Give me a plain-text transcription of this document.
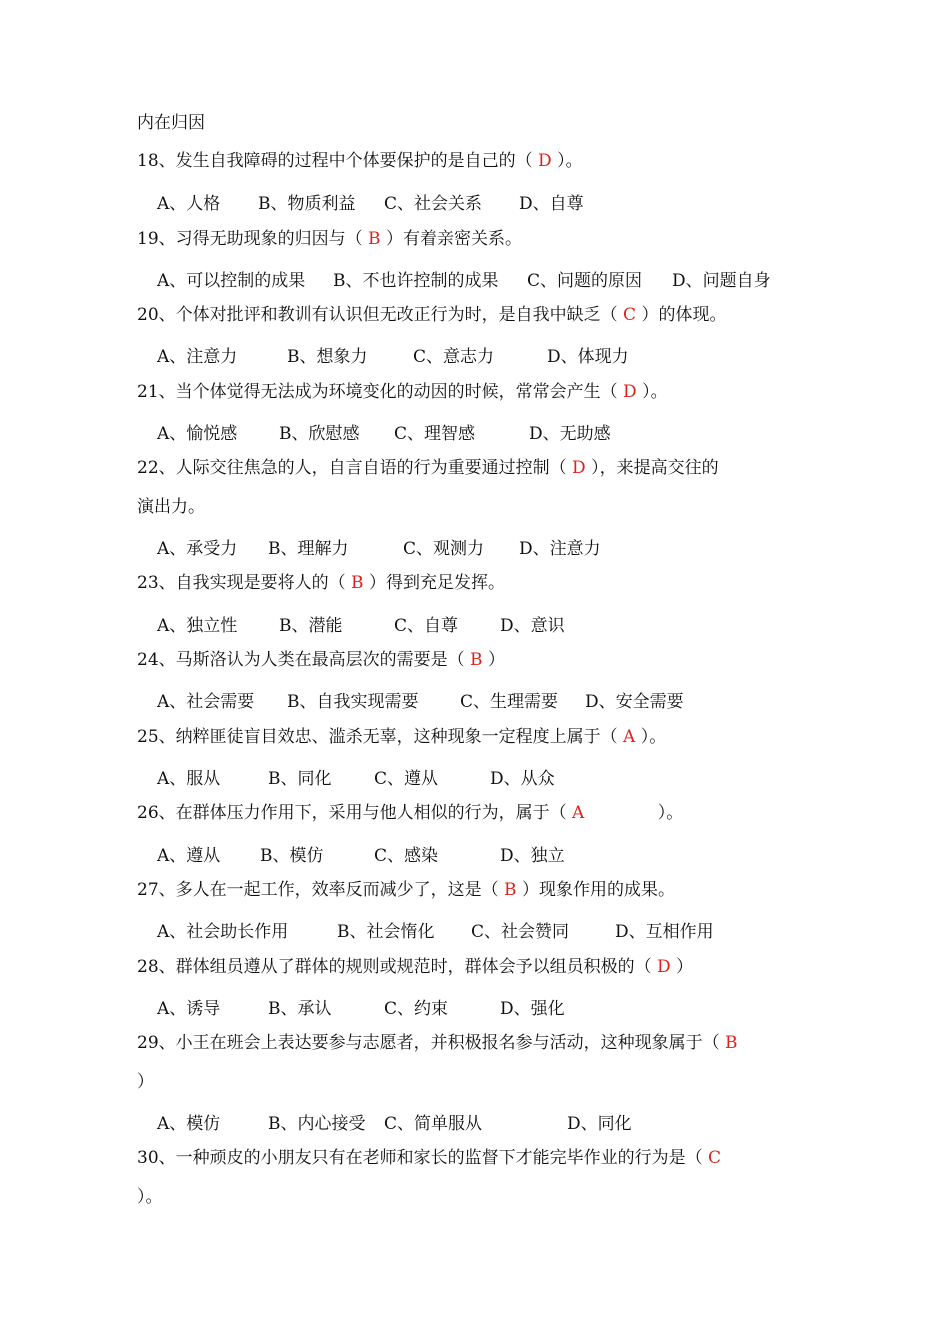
内在归因
18、发生自我障碍的过程中个体要保护的是自己的（ D ）。
A、人格 B、物质利益 C、社会关系 D、自尊
19、习得无助现象的归因与（ B ）有着亲密关系。
A、可以控制的成果 B、不也许控制的成果 C、问题的原因 D、问题自身
20、个体对批评和教训有认识但无改正行为时，是自我中缺乏（ C ）的体现。
A、注意力	B、想象力	C、意志力	D、体现力
21、当个体觉得无法成为环境变化的动因的时候，常常会产生（ D ）。
A、愉悦感 B、欣慰感 C、理智感	D、无助感
22、人际交往焦急的人，自言自语的行为重要通过控制（ D ），来提高交往的
演出力。
A、承受力 B、理解力	C、观测力 D、注意力
23、自我实现是要将人的（ B ）得到充足发挥。
A、独立性 B、潜能	C、自尊 D、意识
24、马斯洛认为人类在最高层次的需要是（ B ）
A、社会需要 B、自我实现需要 C、生理需要 D、安全需要
25、纳粹匪徒盲目效忠、滥杀无辜，这种现象一定程度上属于（ A ）。
A、服从	B、同化	C、遵从	D、从众
26、在群体压力作用下，采用与他人相似的行为，属于（ A	）。
A、遵从 B、模仿	C、感染	D、独立
27、多人在一起工作，效率反而减少了，这是（ B ）现象作用的成果。
A、社会助长作用	B、社会惰化 C、社会赞同	D、互相作用
28、群体组员遵从了群体的规则或规范时，群体会予以组员积极的（ D ）
A、诱导	B、承认	C、约束	D、强化
29、小王在班会上表达要参与志愿者，并积极报名参与活动，这种现象属于（ B
）
A、模仿	B、内心接受 C、简单服从	D、同化
30、一种顽皮的小朋友只有在老师和家长的监督下才能完毕作业的行为是（ C
）。
